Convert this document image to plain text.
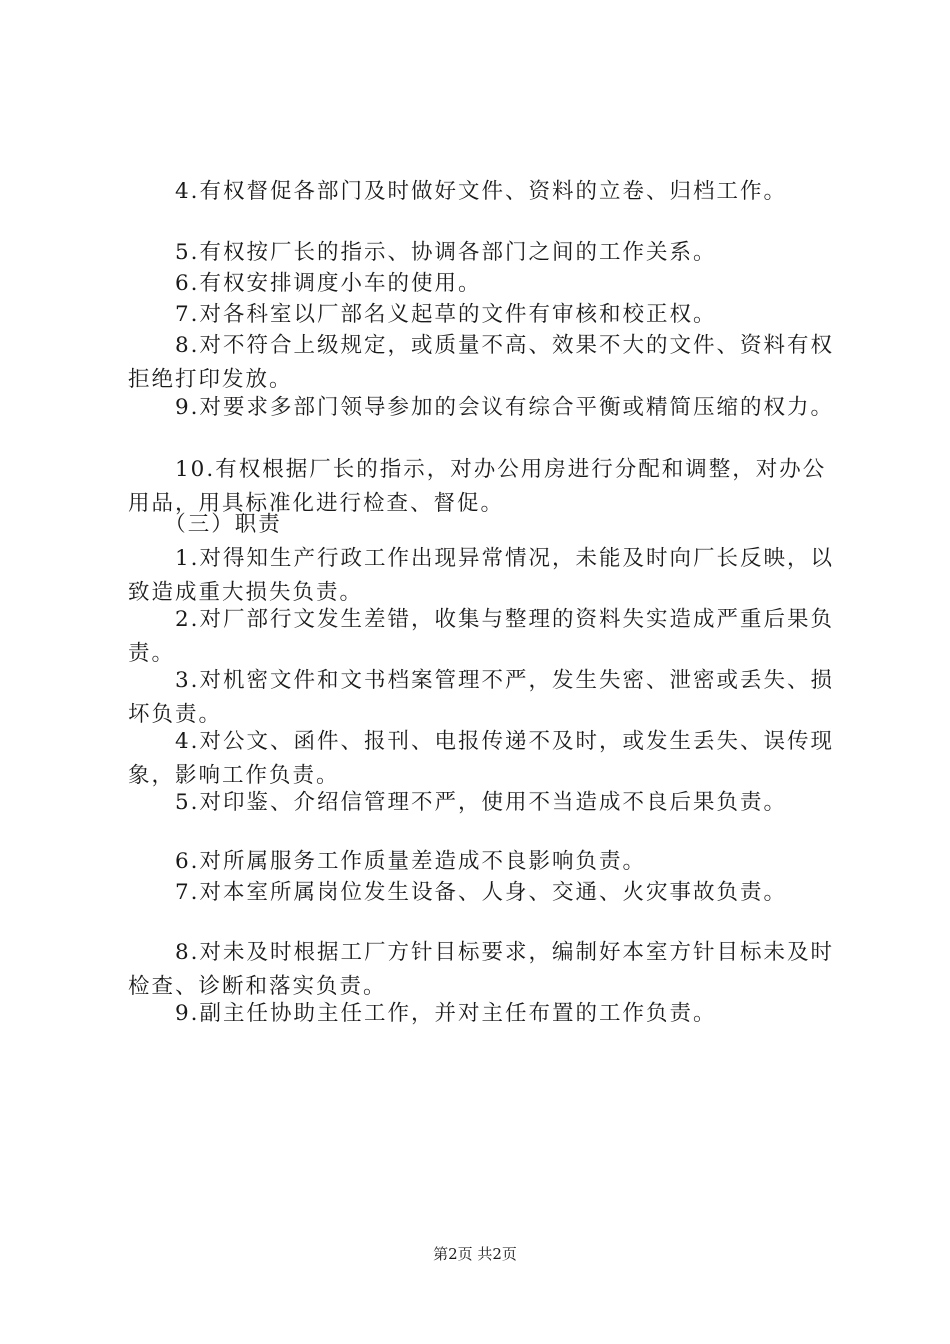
　　4.有权督促各部门及时做好文件、资料的立卷、归档工作。

　　5.有权按厂长的指示、协调各部门之间的工作关系。

　　6.有权安排调度小车的使用。

　　7.对各科室以厂部名义起草的文件有审核和校正权。

　　8.对不符合上级规定，或质量不高、效果不大的文件、资料有权拒绝打印发放。

　　9.对要求多部门领导参加的会议有综合平衡或精简压缩的权力。

　　10.有权根据厂长的指示，对办公用房进行分配和调整，对办公用品，用具标准化进行检查、督促。

　　（三）职责

　　1.对得知生产行政工作出现异常情况，未能及时向厂长反映，以致造成重大损失负责。

　　2.对厂部行文发生差错，收集与整理的资料失实造成严重后果负责。

　　3.对机密文件和文书档案管理不严，发生失密、泄密或丢失、损坏负责。

　　4.对公文、函件、报刊、电报传递不及时，或发生丢失、误传现象，影响工作负责。

　　5.对印鉴、介绍信管理不严，使用不当造成不良后果负责。

　　6.对所属服务工作质量差造成不良影响负责。

　　7.对本室所属岗位发生设备、人身、交通、火灾事故负责。

　　8.对未及时根据工厂方针目标要求，编制好本室方针目标未及时检查、诊断和落实负责。

　　9.副主任协助主任工作，并对主任布置的工作负责。

第2页 共2页
